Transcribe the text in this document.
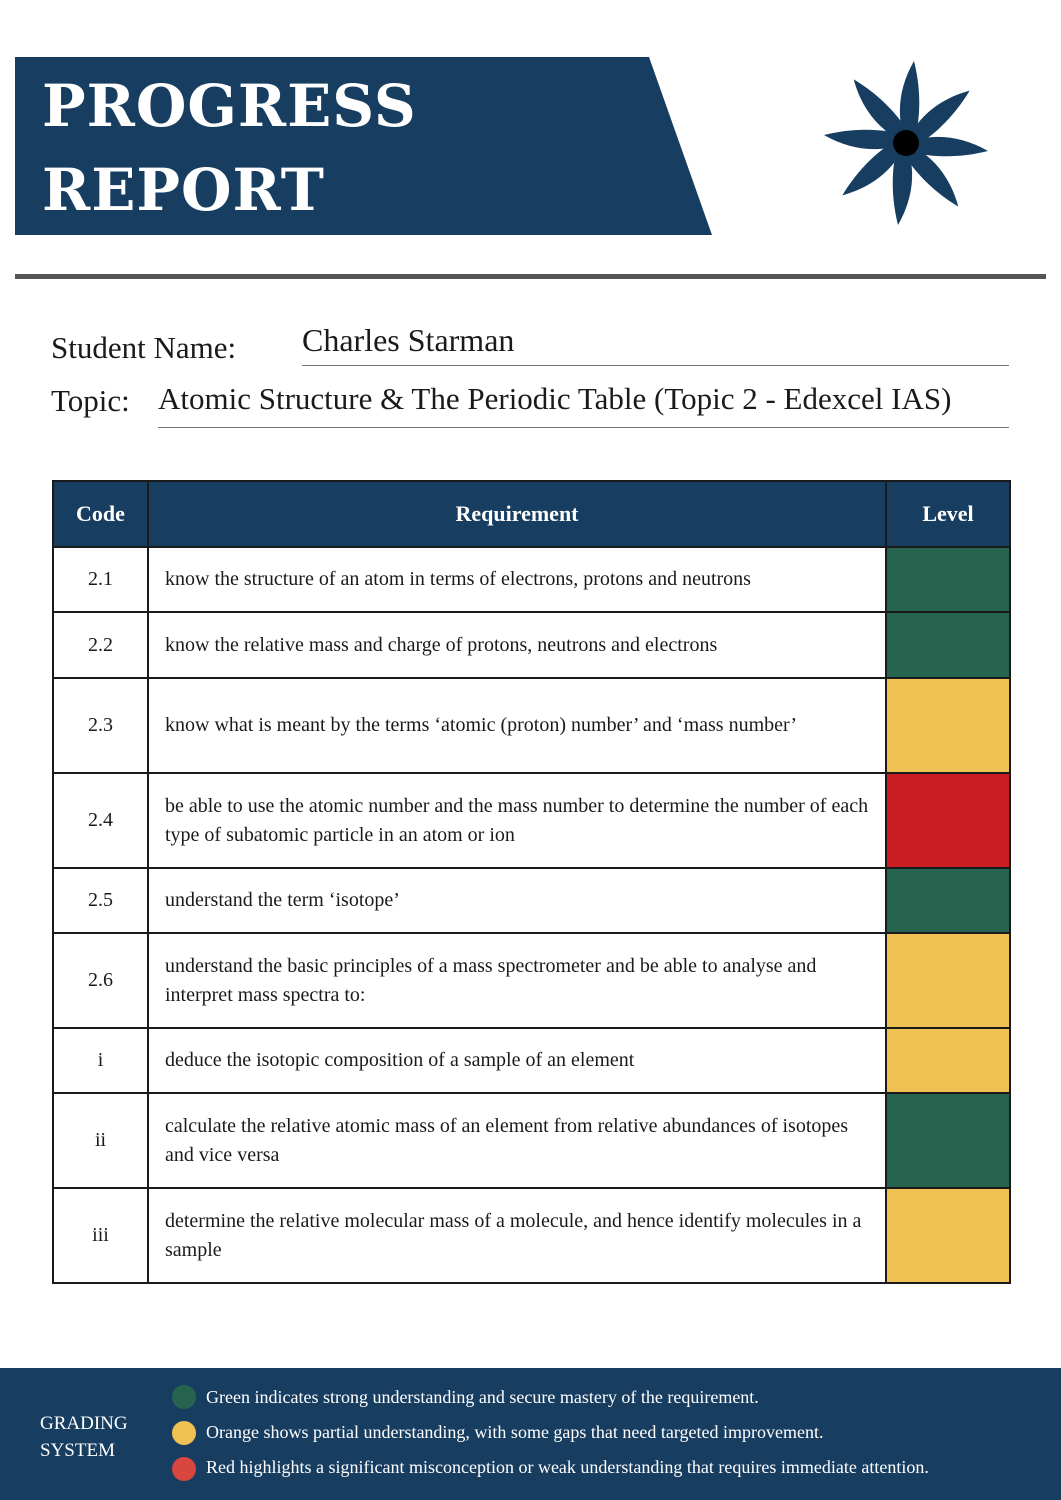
PROGRESS
REPORT
Student Name: Charles Starman
Topic: Atomic Structure & The Periodic Table (Topic 2 - Edexcel IAS)
Code	Requirement	Level
2.1	know the structure of an atom in terms of electrons, protons and neutrons	
2.2	know the relative mass and charge of protons, neutrons and electrons	
2.3	know what is meant by the terms ‘atomic (proton) number’ and ‘mass number’	
2.4	be able to use the atomic number and the mass number to determine the number of each type of subatomic particle in an atom or ion	
2.5	understand the term ‘isotope’	
2.6	understand the basic principles of a mass spectrometer and be able to analyse and interpret mass spectra to:	
i	deduce the isotopic composition of a sample of an element	
ii	calculate the relative atomic mass of an element from relative abundances of isotopes and vice versa	
iii	determine the relative molecular mass of a molecule, and hence identify molecules in a sample	
GRADING
SYSTEM
Green indicates strong understanding and secure mastery of the requirement.
Orange shows partial understanding, with some gaps that need targeted improvement.
Red highlights a significant misconception or weak understanding that requires immediate attention.
